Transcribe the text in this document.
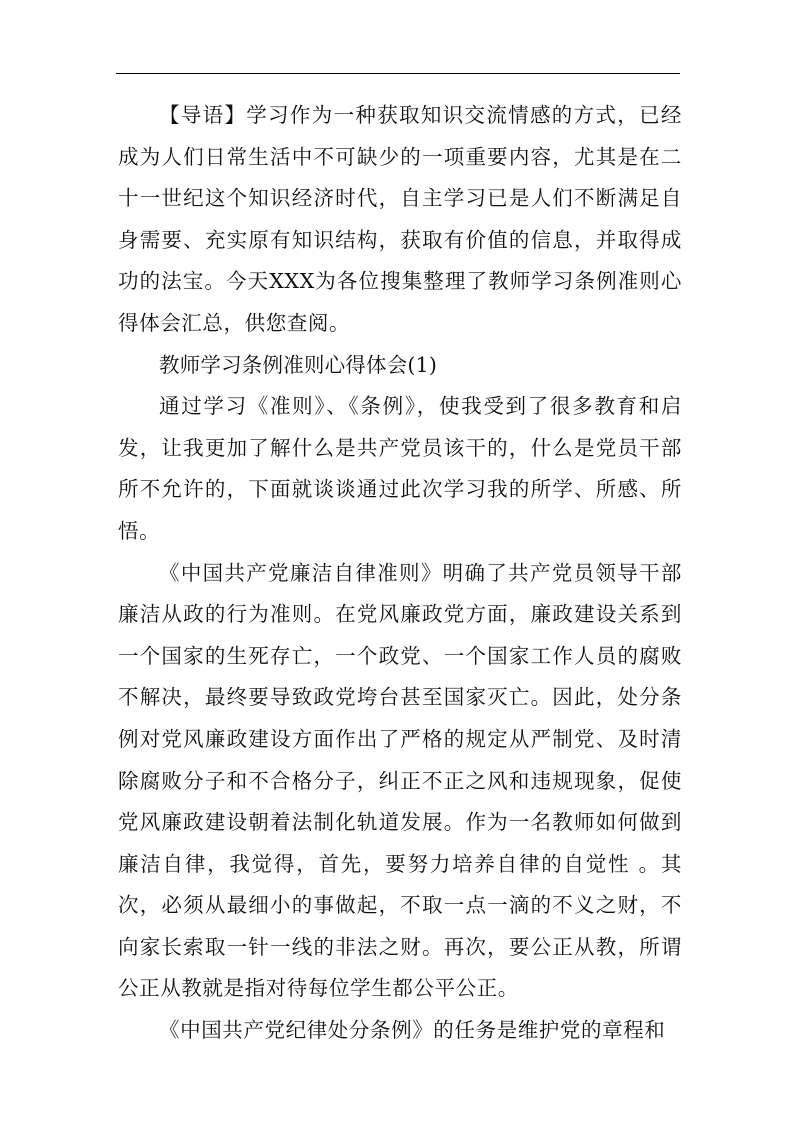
【导语】学习作为一种获取知识交流情感的方式，已经成为人们日常生活中不可缺少的一项重要内容，尤其是在二十一世纪这个知识经济时代，自主学习已是人们不断满足自身需要、充实原有知识结构，获取有价值的信息，并取得成功的法宝。今天XXX为各位搜集整理了教师学习条例准则心得体会汇总，供您查阅。

教师学习条例准则心得体会(1)

通过学习《准则》、《条例》，使我受到了很多教育和启发，让我更加了解什么是共产党员该干的，什么是党员干部所不允许的，下面就谈谈通过此次学习我的所学、所感、所悟。

《中国共产党廉洁自律准则》明确了共产党员领导干部廉洁从政的行为准则。在党风廉政党方面，廉政建设关系到一个国家的生死存亡，一个政党、一个国家工作人员的腐败不解决，最终要导致政党垮台甚至国家灭亡。因此，处分条例对党风廉政建设方面作出了严格的规定从严制党、及时清除腐败分子和不合格分子，纠正不正之风和违规现象，促使党风廉政建设朝着法制化轨道发展。作为一名教师如何做到廉洁自律，我觉得，首先，要努力培养自律的自觉性 。其次，必须从最细小的事做起，不取一点一滴的不义之财，不向家长索取一针一线的非法之财。再次，要公正从教，所谓公正从教就是指对待每位学生都公平公正。

《中国共产党纪律处分条例》的任务是维护党的章程和
